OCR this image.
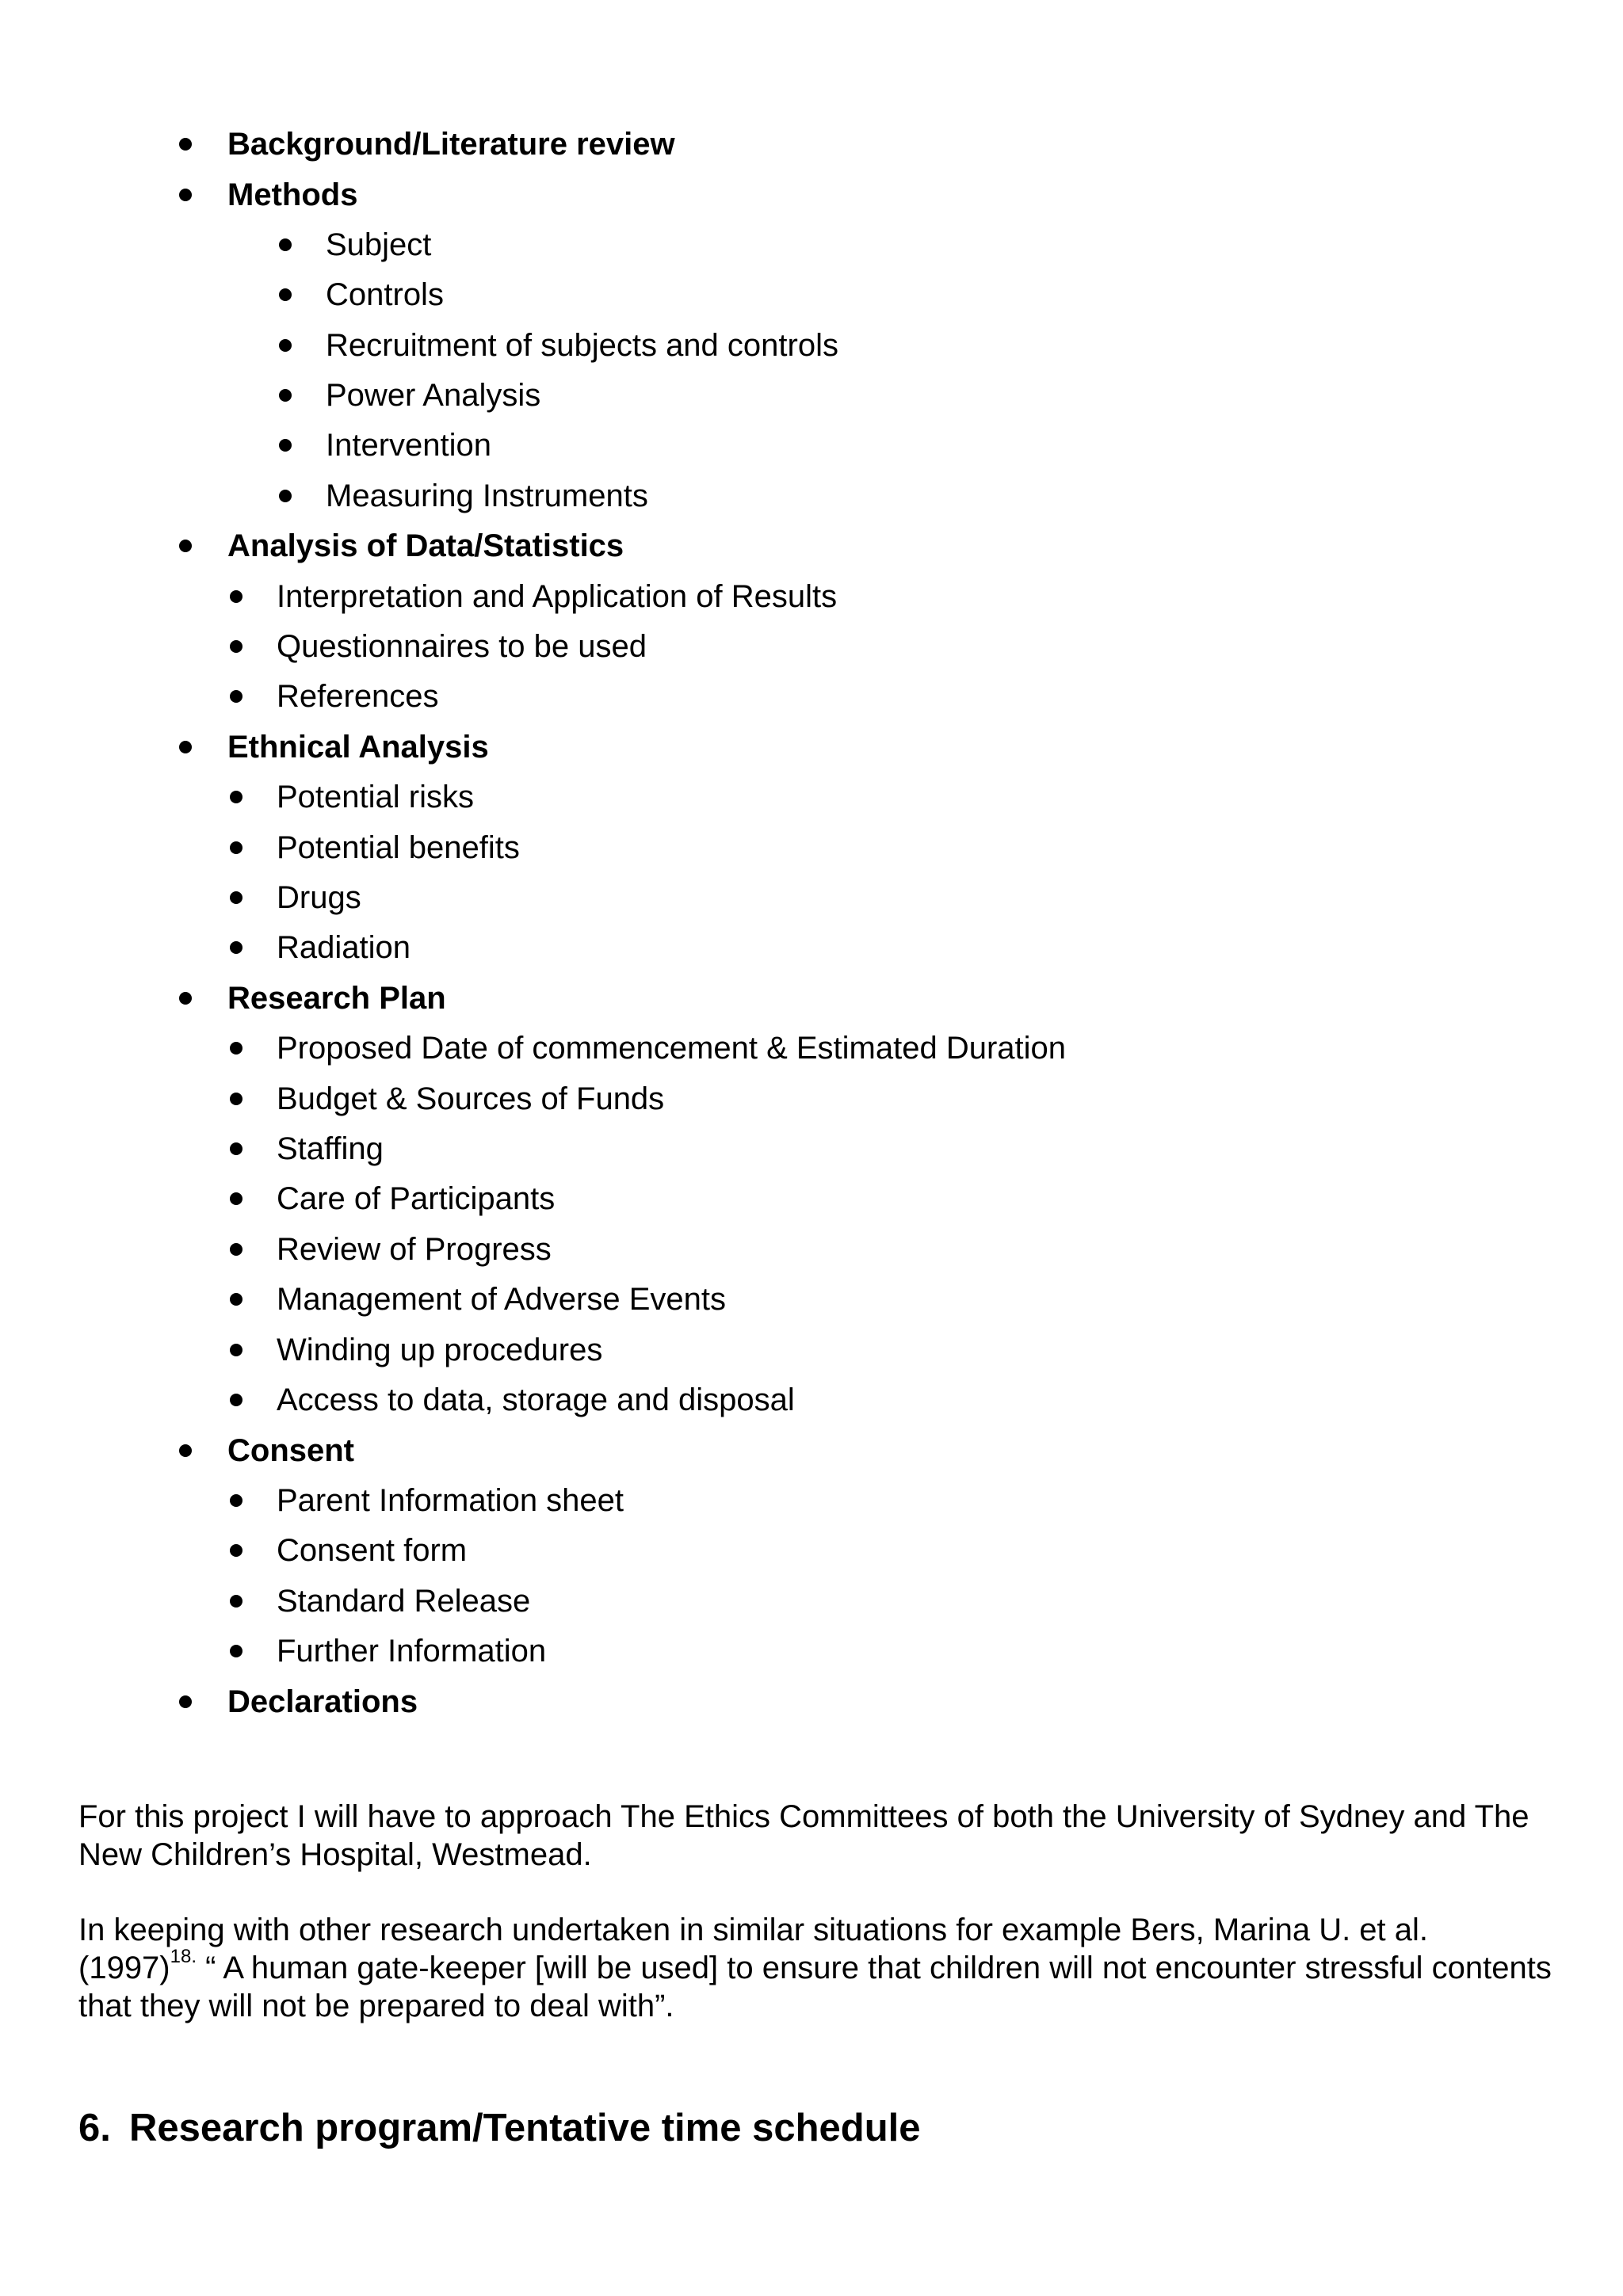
Background/Literature review
Methods
Subject
Controls
Recruitment of subjects and controls
Power Analysis
Intervention
Measuring Instruments
Analysis of Data/Statistics
Interpretation and Application of Results
Questionnaires to be used
References
Ethnical Analysis
Potential risks
Potential benefits
Drugs
Radiation
Research Plan
Proposed Date of commencement & Estimated Duration
Budget & Sources of Funds
Staffing
Care of Participants
Review of Progress
Management of Adverse Events
Winding up procedures
Access to data, storage and disposal
Consent
Parent Information sheet
Consent form
Standard Release
Further Information
Declarations
For this project I will have to approach The Ethics Committees of both the University of Sydney and The New Children’s Hospital, Westmead.
In keeping with other research undertaken in similar situations for example Bers, Marina U. et al. $(1997)^{18.}$ “ A human gate-keeper [will be used] to ensure that children will not encounter stressful contents that they will not be prepared to deal with”.
6. Research program/Tentative time schedule
